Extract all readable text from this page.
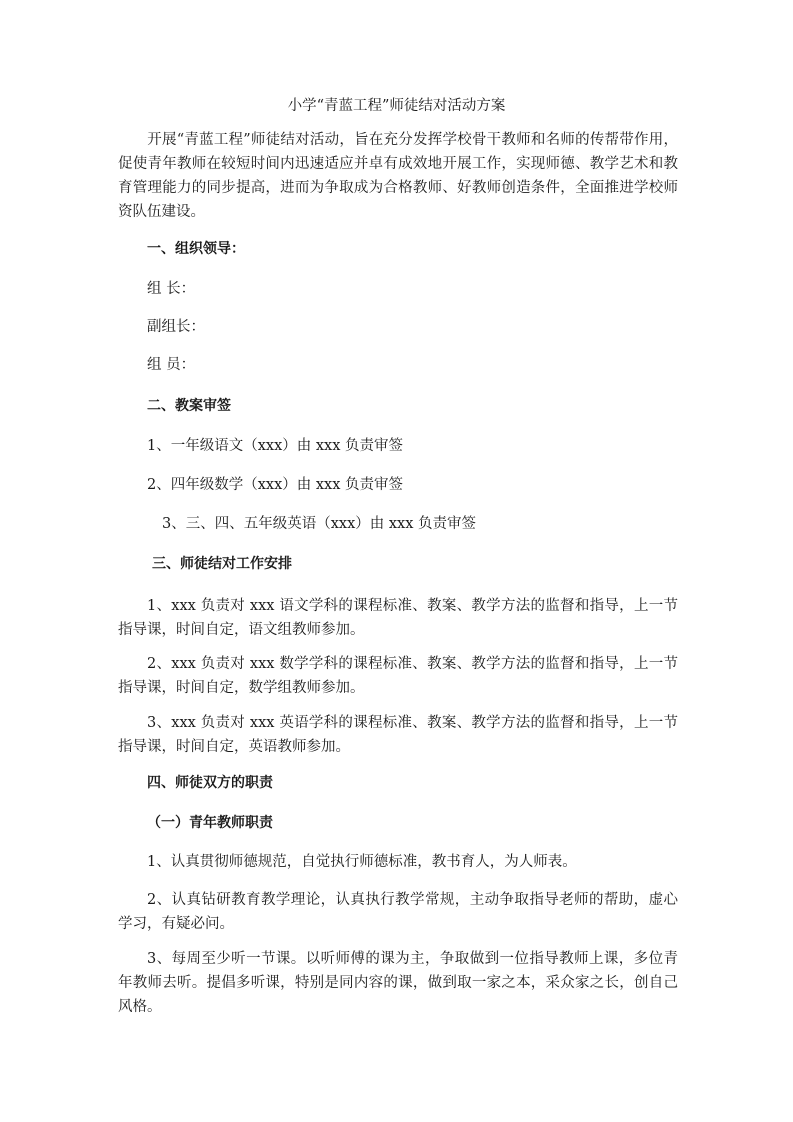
小学“青蓝工程”师徒结对活动方案
开展“青蓝工程”师徒结对活动，旨在充分发挥学校骨干教师和名师的传帮带作用，促使青年教师在较短时间内迅速适应并卓有成效地开展工作，实现师德、教学艺术和教育管理能力的同步提高，进而为争取成为合格教师、好教师创造条件，全面推进学校师资队伍建设。
一、组织领导：
组 长：
副组长：
组 员：
二、教案审签
1、一年级语文（xxx）由 xxx 负责审签
2、四年级数学（xxx）由 xxx 负责审签
3、三、四、五年级英语（xxx）由 xxx 负责审签
三、师徒结对工作安排
1、xxx 负责对 xxx 语文学科的课程标准、教案、教学方法的监督和指导，上一节指导课，时间自定，语文组教师参加。
2、xxx 负责对 xxx 数学学科的课程标准、教案、教学方法的监督和指导，上一节指导课，时间自定，数学组教师参加。
3、xxx 负责对 xxx 英语学科的课程标准、教案、教学方法的监督和指导，上一节指导课，时间自定，英语教师参加。
四、师徒双方的职责
（一）青年教师职责
1、认真贯彻师德规范，自觉执行师德标准，教书育人，为人师表。
2、认真钻研教育教学理论，认真执行教学常规，主动争取指导老师的帮助，虚心学习，有疑必问。
3、每周至少听一节课。以听师傅的课为主，争取做到一位指导教师上课，多位青年教师去听。提倡多听课，特别是同内容的课，做到取一家之本，采众家之长，创自己风格。
